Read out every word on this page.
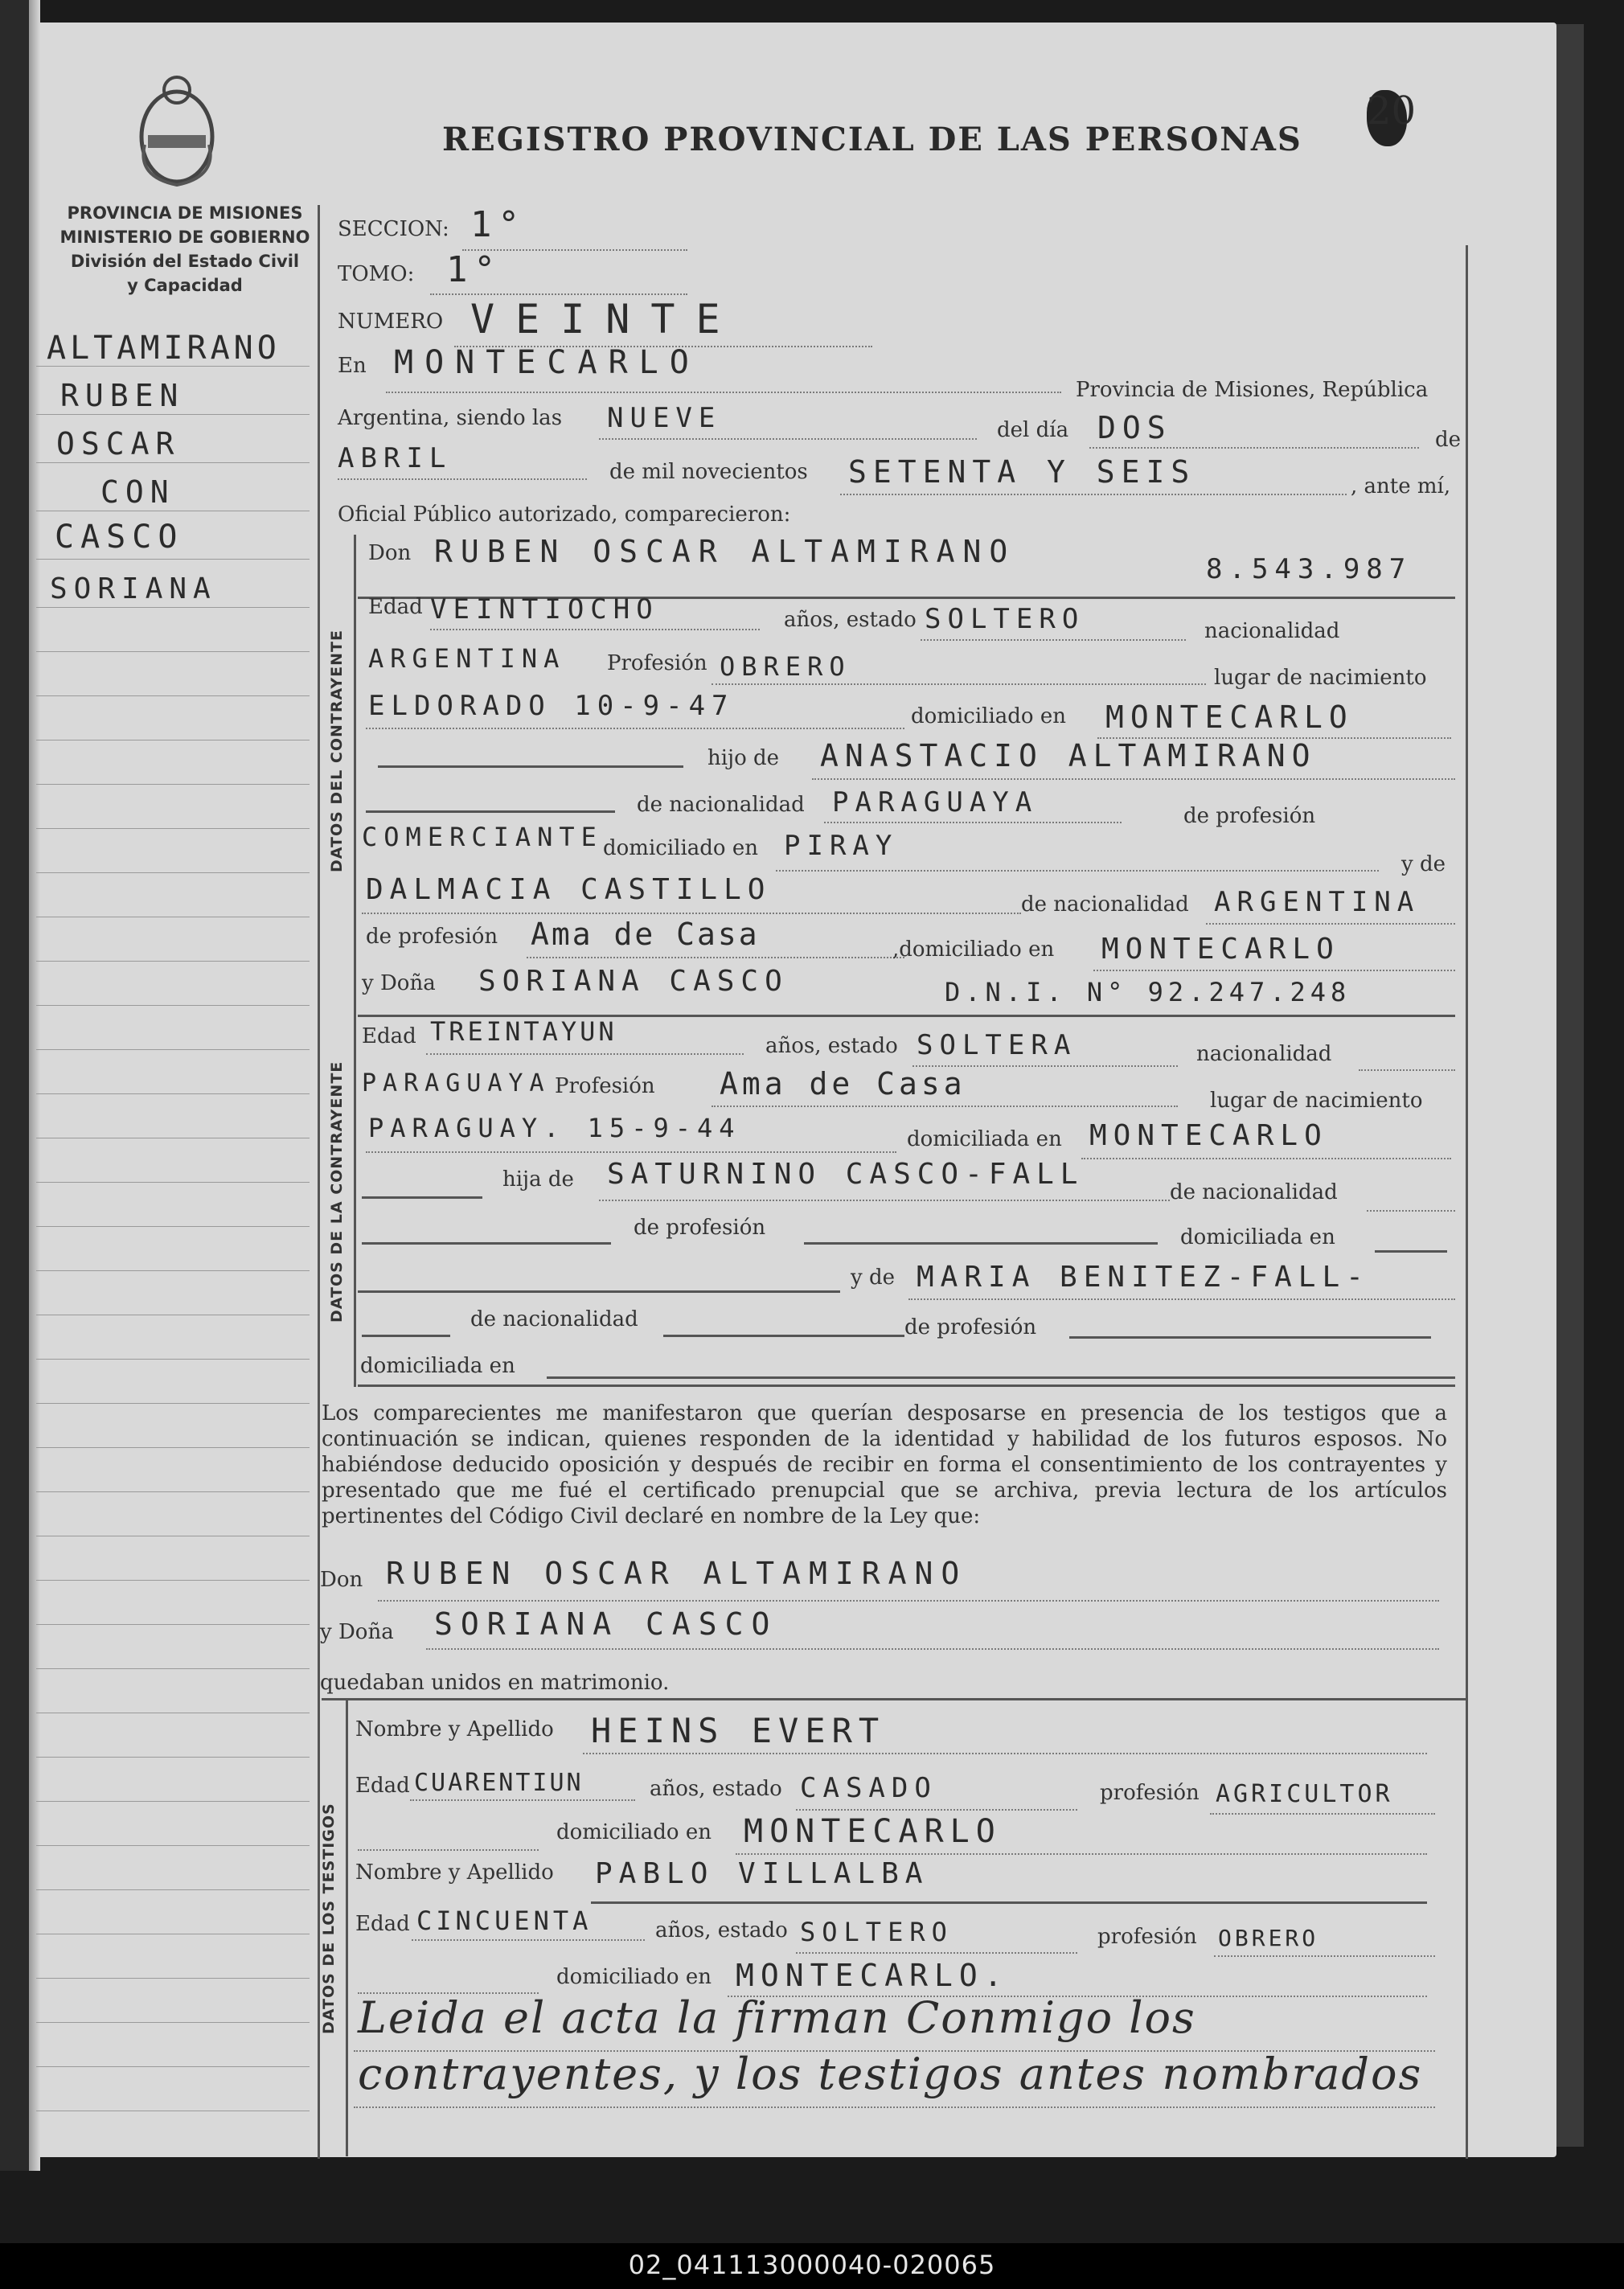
REGISTRO PROVINCIAL DE LAS PERSONAS
20
PROVINCIA DE MISIONES
MINISTERIO DE GOBIERNO
División del Estado Civil
y Capacidad
ALTAMIRANO
RUBEN
OSCAR
CON
CASCO
SORIANA
SECCION: 1°
TOMO: 1°
NUMERO VEINTE
En MONTECARLO
Provincia de Misiones, República
Argentina, siendo las NUEVE	del día DOS	de
ABRIL	de mil novecientos SETENTA Y SEIS	, ante mí,
Oficial Público autorizado, comparecieron:
DATOS DEL CONTRAYENTE
Don RUBEN OSCAR ALTAMIRANO	8.543.987
Edad VEINTIOCHO	años, estado SOLTERO	nacionalidad
ARGENTINA Profesión OBRERO	lugar de nacimiento
ELDORADO 10-9-47	domiciliado en MONTECARLO
hijo de ANASTACIO ALTAMIRANO
de nacionalidad PARAGUAYA	de profesión
COMERCIANTE domiciliado en PIRAY
y de
DALMACIA CASTILLO	de nacionalidad ARGENTINA
de profesión Ama de Casa	,domiciliado en MONTECARLO
DATOS DE LA CONTRAYENTE
y Doña SORIANA CASCO	D.N.I. N° 92.247.248
Edad TREINTAYUN	años, estado SOLTERA	nacionalidad
PARAGUAYA Profesión Ama de Casa	lugar de nacimiento
PARAGUAY. 15-9-44	domiciliada en MONTECARLO
hija de SATURNINO CASCO-FALL
de nacionalidad
de profesión	domiciliada en
y de MARIA BENITEZ-FALL-
de nacionalidad	de profesión
domiciliada en
Los comparecientes me manifestaron que querían desposarse en presencia de los testigos que a continuación se indican, quienes responden de la identidad y habilidad de los futuros esposos. No habiéndose deducido oposición y después de recibir en forma el consentimiento de los contrayentes y presentado que me fué el certificado prenupcial que se archiva, previa lectura de los artículos pertinentes del Código Civil declaré en nombre de la Ley que:
Don RUBEN OSCAR ALTAMIRANO
y Doña SORIANA CASCO
quedaban unidos en matrimonio.
DATOS DE LOS TESTIGOS
Nombre y Apellido HEINS EVERT
Edad CUARENTIUN	años, estado CASADO	profesión AGRICULTOR
domiciliado en MONTECARLO
Nombre y Apellido PABLO VILLALBA
Edad CINCUENTA	años, estado SOLTERO	profesión OBRERO
domiciliado en MONTECARLO.
Leida el acta la firman Conmigo los
contrayentes, y los testigos antes nombrados
02_041113000040-020065
